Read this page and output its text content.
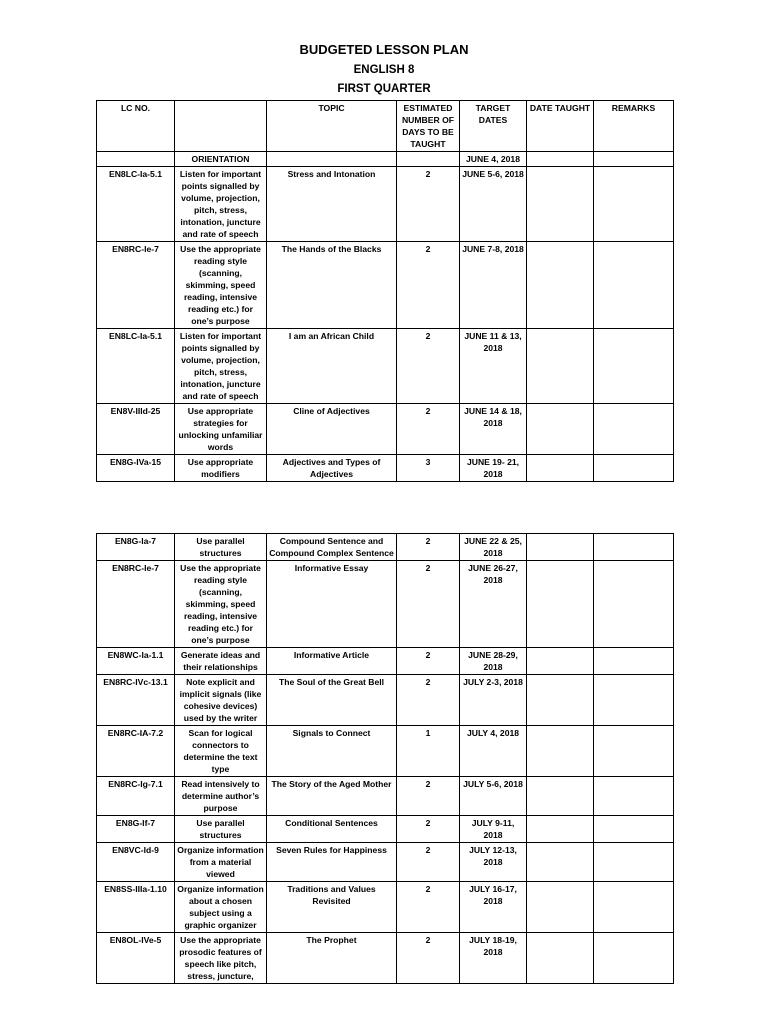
BUDGETED LESSON PLAN
ENGLISH 8
FIRST QUARTER
LC NO.		TOPIC	ESTIMATED NUMBER OF DAYS TO BE TAUGHT	TARGET DATES	DATE TAUGHT	REMARKS
	ORIENTATION			JUNE 4, 2018		
EN8LC-Ia-5.1	Listen for important points signalled by volume, projection, pitch, stress, intonation, juncture and rate of speech	Stress and Intonation	2	JUNE 5-6, 2018		
EN8RC-Ie-7	Use the appropriate reading style (scanning, skimming, speed reading, intensive reading etc.) for one’s purpose	The Hands of the Blacks	2	JUNE 7-8, 2018		
EN8LC-Ia-5.1	Listen for important points signalled by volume, projection, pitch, stress, intonation, juncture and rate of speech	I am an African Child	2	JUNE 11 & 13, 2018		
EN8V-IIId-25	Use appropriate strategies for unlocking unfamiliar words	Cline of Adjectives	2	JUNE 14 & 18, 2018		
EN8G-IVa-15	Use appropriate modifiers	Adjectives and Types of Adjectives	3	JUNE 19- 21, 2018		
EN8G-Ia-7	Use parallel structures	Compound Sentence and Compound Complex Sentence	2	JUNE 22 & 25, 2018		
EN8RC-Ie-7	Use the appropriate reading style (scanning, skimming, speed reading, intensive reading etc.) for one’s purpose	Informative Essay	2	JUNE 26-27, 2018		
EN8WC-Ia-1.1	Generate ideas and their relationships	Informative Article	2	JUNE 28-29, 2018		
EN8RC-IVc-13.1	Note explicit and implicit signals (like cohesive devices) used by the writer	The Soul of the Great Bell	2	JULY 2-3, 2018		
EN8RC-IA-7.2	Scan for logical connectors to determine the text type	Signals to Connect	1	JULY 4, 2018		
EN8RC-Ig-7.1	Read intensively to determine author’s purpose	The Story of the Aged Mother	2	JULY 5-6, 2018		
EN8G-If-7	Use parallel structures	Conditional Sentences	2	JULY 9-11, 2018		
EN8VC-Id-9	Organize information from a material viewed	Seven Rules for Happiness	2	JULY 12-13, 2018		
EN8SS-IIIa-1.10	Organize information about a chosen subject using a graphic organizer	Traditions and Values Revisited	2	JULY 16-17, 2018		
EN8OL-IVe-5	Use the appropriate prosodic features of speech like pitch, stress, juncture,	The Prophet	2	JULY 18-19, 2018		
